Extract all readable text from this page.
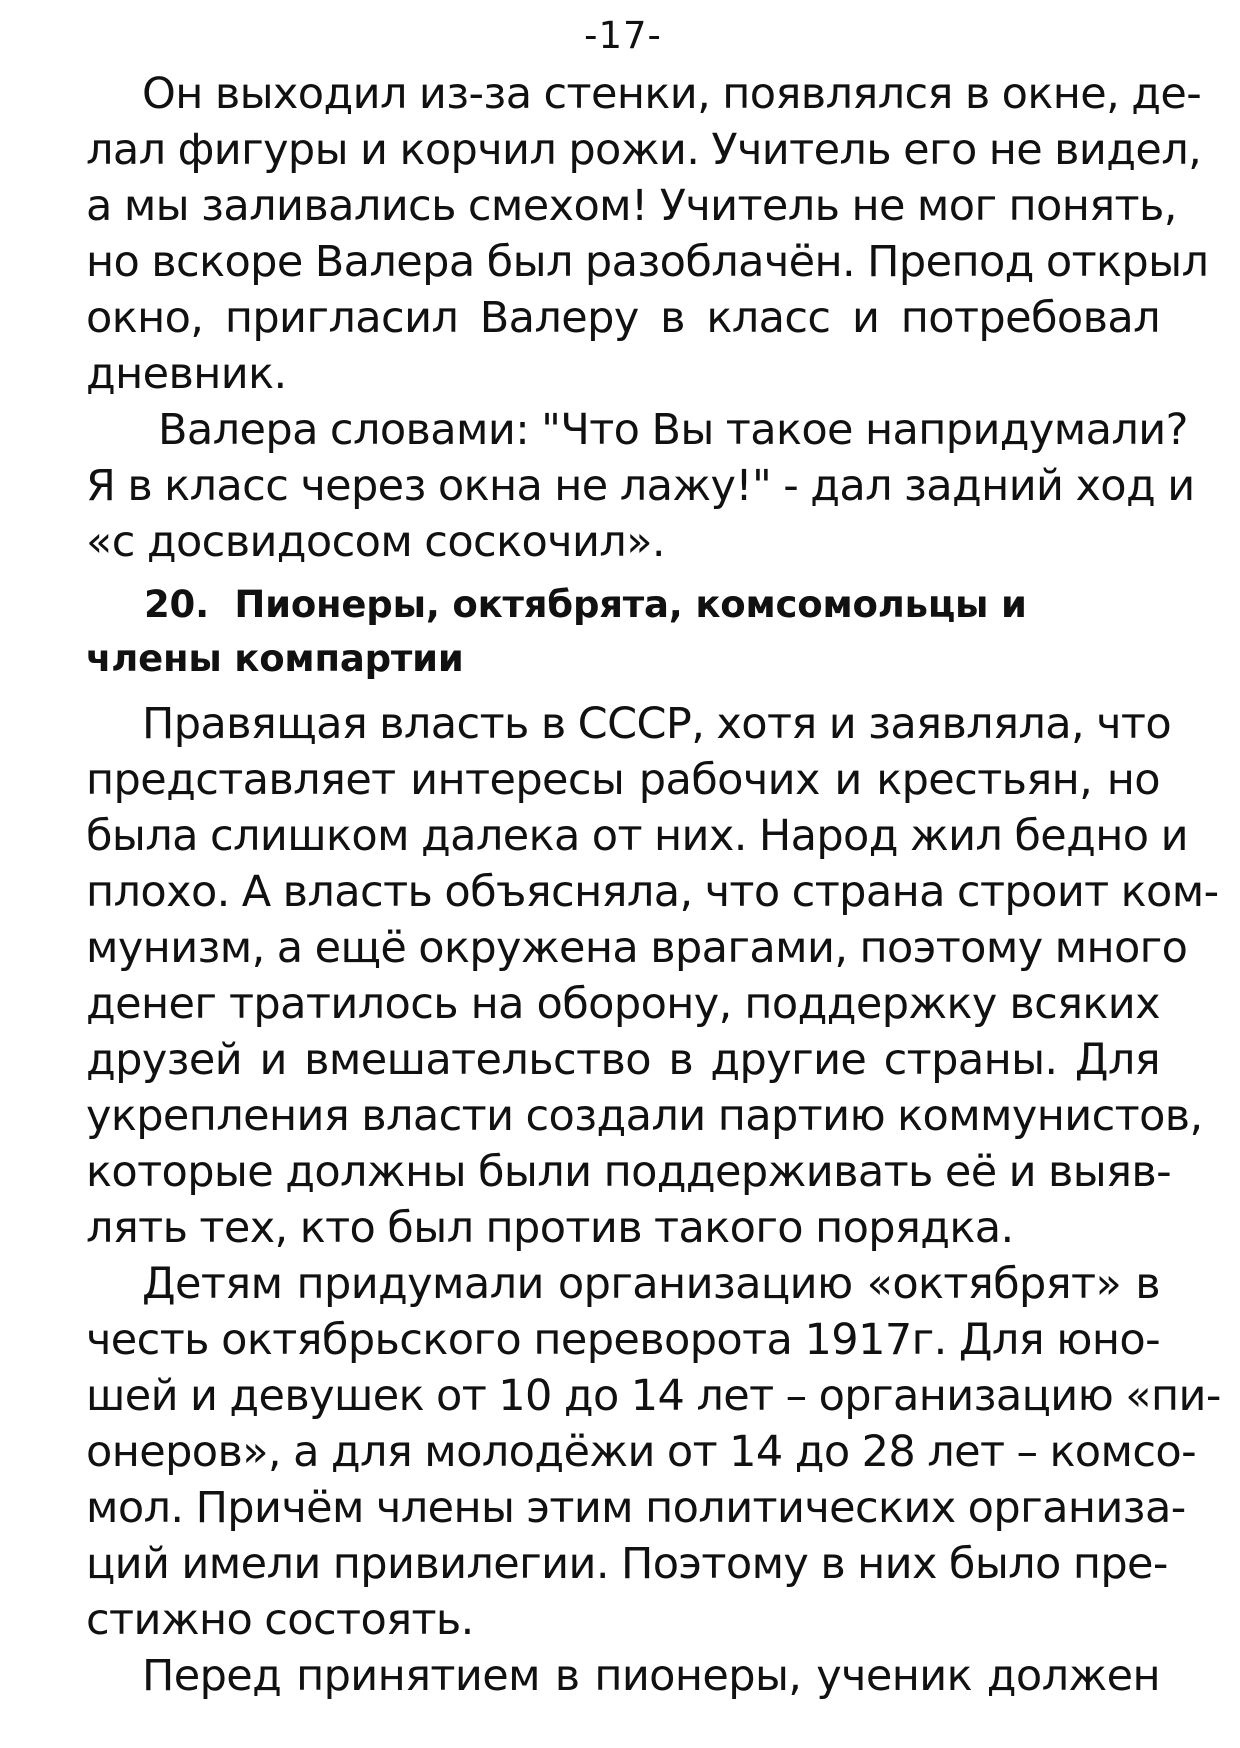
-17-
Он выходил из-за стенки, появлялся в окне, де-
лал фигуры и корчил рожи. Учитель его не видел,
а мы заливались смехом! Учитель не мог понять,
но вскоре Валера был разоблачён. Препод открыл
окно, пригласил Валеру в класс и потребовал
дневник.
Валера словами: "Что Вы такое напридумали?
Я в класс через окна не лажу!" - дал задний ход и
«с досвидосом соскочил».
20. Пионеры, октябрята, комсомольцы и
члены компартии
Правящая власть в СССР, хотя и заявляла, что
представляет интересы рабочих и крестьян, но
была слишком далека от них. Народ жил бедно и
плохо. А власть объясняла, что страна строит ком-
мунизм, а ещё окружена врагами, поэтому много
денег тратилось на оборону, поддержку всяких
друзей и вмешательство в другие страны. Для
укрепления власти создали партию коммунистов,
которые должны были поддерживать её и выяв-
лять тех, кто был против такого порядка.
Детям придумали организацию «октябрят» в
честь октябрьского переворота 1917г. Для юно-
шей и девушек от 10 до 14 лет – организацию «пи-
онеров», а для молодёжи от 14 до 28 лет – комсо-
мол. Причём члены этим политических организа-
ций имели привилегии. Поэтому в них было пре-
стижно состоять.
Перед принятием в пионеры, ученик должен
